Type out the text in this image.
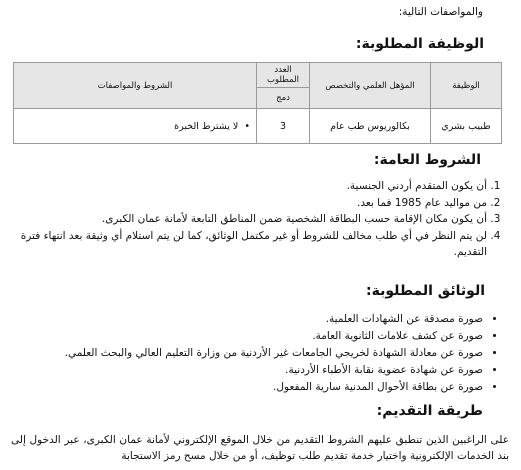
والمواصفات التالية:
الوظيفة المطلوبة:
الوظيفة	المؤهل العلمي والتخصص	العدد المطلوب	الشروط والمواصفات
		دمج	
طبيب بشري	بكالوريوس طب عام	3	•  لا يشترط الخبرة
الشروط العامة:
1. أن يكون المتقدم أردني الجنسية.
2. من مواليد عام 1985 فما بعد.
3. أن يكون مكان الإقامة حسب البطاقة الشخصية ضمن المناطق التابعة لأمانة عمان الكبرى.
4. لن يتم النظر في أي طلب مخالف للشروط أو غير مكتمل الوثائق، كما لن يتم استلام أي وثيقة بعد انتهاء فترة التقديم.
الوثائق المطلوبة:
• صورة مصدقة عن الشهادات العلمية.
• صورة عن كشف علامات الثانوية العامة.
• صورة عن معادلة الشهادة لخريجي الجامعات غير الأردنية من وزارة التعليم العالي والبحث العلمي.
• صورة عن شهادة عضوية نقابة الأطباء الأردنية.
• صورة عن بطاقة الأحوال المدنية سارية المفعول.
طريقة التقديم:
على الراغبين الذين تنطبق عليهم الشروط التقديم من خلال الموقع الإلكتروني لأمانة عمان الكبرى، عبر الدخول إلى بند الخدمات الإلكترونية واختيار خدمة تقديم طلب توظيف، أو من خلال مسح رمز الاستجابة
